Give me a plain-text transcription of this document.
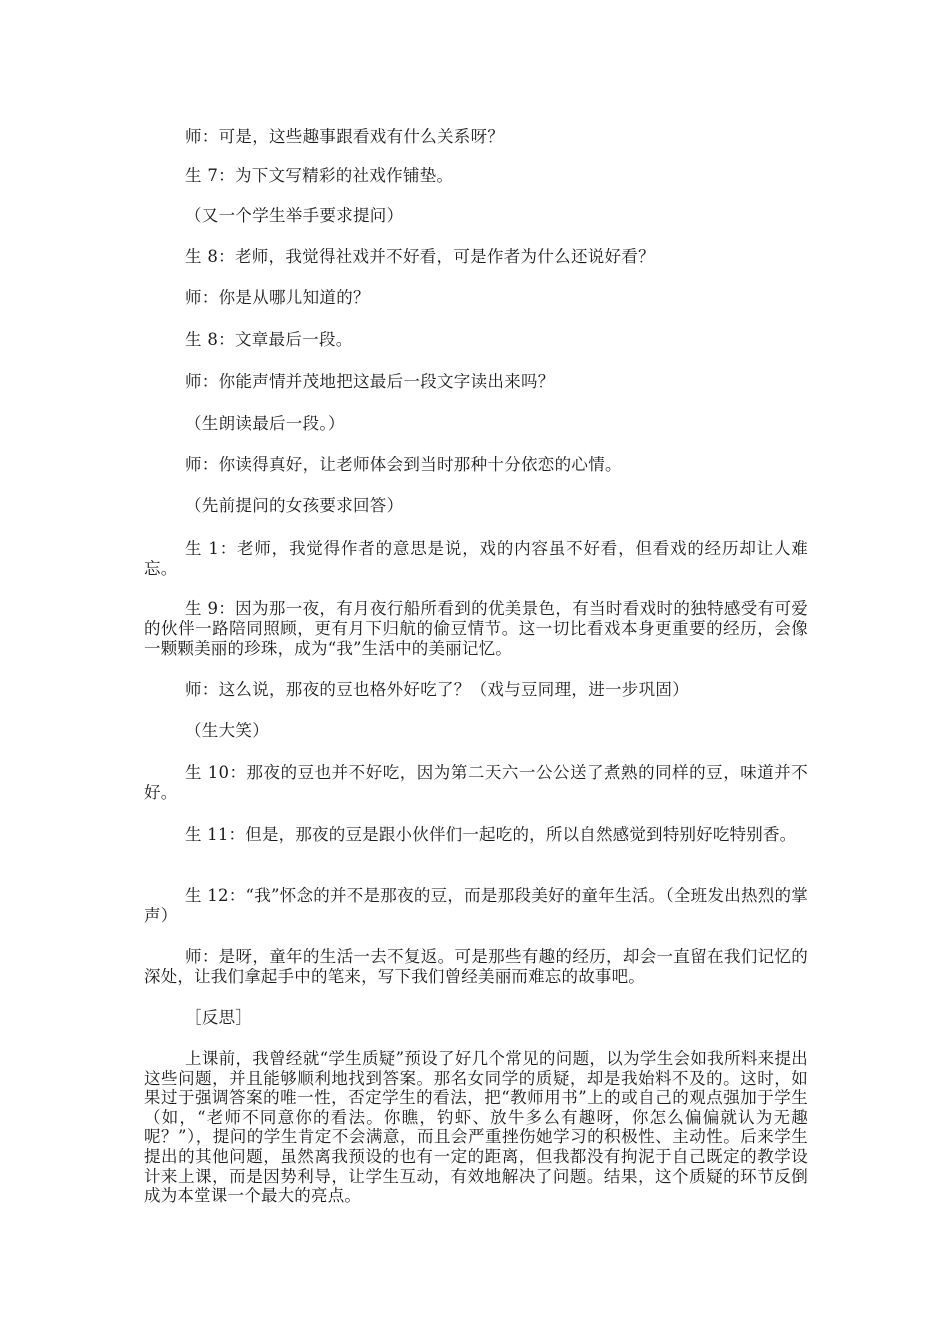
师：可是，这些趣事跟看戏有什么关系呀？
生 7：为下文写精彩的社戏作铺垫。
（又一个学生举手要求提问）
生 8：老师，我觉得社戏并不好看，可是作者为什么还说好看？
师：你是从哪儿知道的？
生 8：文章最后一段。
师：你能声情并茂地把这最后一段文字读出来吗？
（生朗读最后一段。）
师：你读得真好，让老师体会到当时那种十分依恋的心情。
（先前提问的女孩要求回答）
生 1：老师，我觉得作者的意思是说，戏的内容虽不好看，但看戏的经历却让人难忘。
生 9：因为那一夜，有月夜行船所看到的优美景色，有当时看戏时的独特感受有可爱的伙伴一路陪同照顾，更有月下归航的偷豆情节。这一切比看戏本身更重要的经历，会像一颗颗美丽的珍珠，成为“我”生活中的美丽记忆。
师：这么说，那夜的豆也格外好吃了？（戏与豆同理，进一步巩固）
（生大笑）
生 10：那夜的豆也并不好吃，因为第二天六一公公送了煮熟的同样的豆，味道并不好。
生 11：但是，那夜的豆是跟小伙伴们一起吃的，所以自然感觉到特别好吃特别香。
生 12：“我”怀念的并不是那夜的豆，而是那段美好的童年生活。（全班发出热烈的掌声）
师：是呀，童年的生活一去不复返。可是那些有趣的经历，却会一直留在我们记忆的深处，让我们拿起手中的笔来，写下我们曾经美丽而难忘的故事吧。
［反思］
上课前，我曾经就“学生质疑”预设了好几个常见的问题，以为学生会如我所料来提出这些问题，并且能够顺利地找到答案。那名女同学的质疑，却是我始料不及的。这时，如果过于强调答案的唯一性，否定学生的看法，把“教师用书”上的或自己的观点强加于学生（如，“老师不同意你的看法。你瞧，钓虾、放牛多么有趣呀，你怎么偏偏就认为无趣呢？”），提问的学生肯定不会满意，而且会严重挫伤她学习的积极性、主动性。后来学生提出的其他问题，虽然离我预设的也有一定的距离，但我都没有拘泥于自己既定的教学设计来上课，而是因势利导，让学生互动，有效地解决了问题。结果，这个质疑的环节反倒成为本堂课一个最大的亮点。
